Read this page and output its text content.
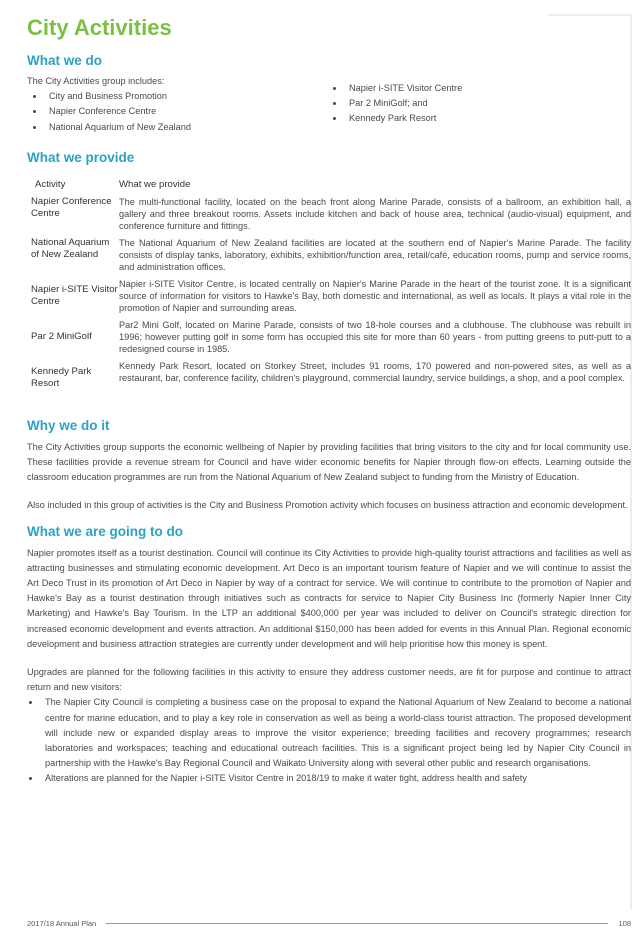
City Activities
What we do
The City Activities group includes:
• City and Business Promotion
• Napier Conference Centre
• National Aquarium of New Zealand
• Napier i-SITE Visitor Centre
• Par 2 MiniGolf; and
• Kennedy Park Resort
What we provide
Activity	What we provide
Napier Conference Centre	The multi-functional facility, located on the beach front along Marine Parade, consists of a ballroom, an exhibition hall, a gallery and three breakout rooms. Assets include kitchen and back of house area, technical (audio-visual) equipment, and conference furniture and fittings.
National Aquarium of New Zealand	The National Aquarium of New Zealand facilities are located at the southern end of Napier's Marine Parade. The facility consists of display tanks, laboratory, exhibits, exhibition/function area, retail/café, education rooms, pump and service rooms, and administration offices.
Napier i-SITE Visitor Centre	Napier i-SITE Visitor Centre, is located centrally on Napier's Marine Parade in the heart of the tourist zone. It is a significant source of information for visitors to Hawke's Bay, both domestic and international, as well as locals. It plays a vital role in the promotion of Napier and surrounding areas.
Par 2 MiniGolf	Par2 Mini Golf, located on Marine Parade, consists of two 18-hole courses and a clubhouse. The clubhouse was rebuilt in 1996; however putting golf in some form has occupied this site for more than 60 years - from putting greens to putt-putt to a redesigned course in 1985.
Kennedy Park Resort	Kennedy Park Resort, located on Storkey Street, includes 91 rooms, 170 powered and non-powered sites, as well as a restaurant, bar, conference facility, children's playground, commercial laundry, service buildings, a shop, and a pool complex.
Why we do it

The City Activities group supports the economic wellbeing of Napier by providing facilities that bring visitors to the city and for local community use. These facilities provide a revenue stream for Council and have wider economic benefits for Napier through flow-on effects. Learning outside the classroom education programmes are run from the National Aquarium of New Zealand subject to funding from the Ministry of Education.

Also included in this group of activities is the City and Business Promotion activity which focuses on business attraction and economic development.

What we are going to do

Napier promotes itself as a tourist destination. Council will continue its City Activities to provide high-quality tourist attractions and facilities as well as attracting businesses and stimulating economic development. Art Deco is an important tourism feature of Napier and we will continue to assist the Art Deco Trust in its promotion of Art Deco in Napier by way of a contract for service. We will continue to contribute to the promotion of Napier and Hawke's Bay as a tourist destination through initiatives such as contracts for service to Napier City Business Inc (formerly Napier Inner City Marketing) and Hawke's Bay Tourism. In the LTP an additional $400,000 per year was included to deliver on Council's strategic direction for increased economic development and events attraction. An additional $150,000 has been added for events in this Annual Plan. Regional economic development and business attraction strategies are currently under development and will help prioritise how this money is spent.

Upgrades are planned for the following facilities in this activity to ensure they address customer needs, are fit for purpose and continue to attract return and new visitors:

• The Napier City Council is completing a business case on the proposal to expand the National Aquarium of New Zealand to become a national centre for marine education, and to play a key role in conservation as well as being a world-class tourist attraction. The proposed development will include new or expanded display areas to improve the visitor experience; breeding facilities and recovery programmes; research laboratories and workspaces; teaching and educational outreach facilities. This is a significant project being led by Napier City Council in partnership with the Hawke's Bay Regional Council and Waikato University along with several other public and research organisations.
• Alterations are planned for the Napier i-SITE Visitor Centre in 2018/19 to make it water tight, address health and safety
2017/18 Annual Plan	108
